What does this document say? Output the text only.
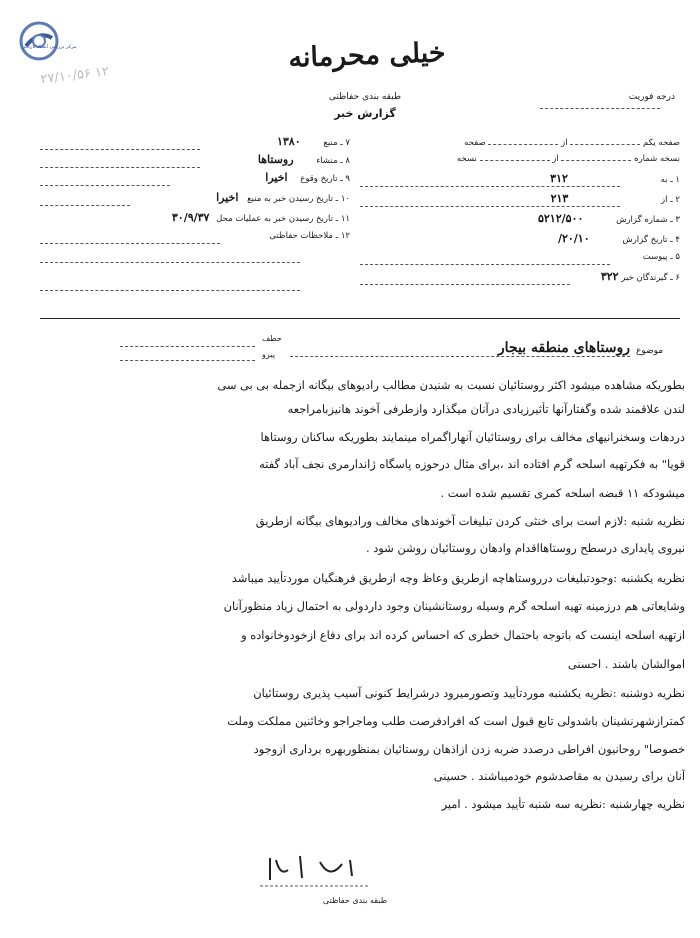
مرکز بررسی اسناد تاریخی
۲۷/۱۰/۵۶ ۱۲
خیلی محرمانه
طبقه بندی حفاظتی
گزارش خبر
درجه فوریت
صفحه یکم  از  صفحه
نسخه شماره  از  نسخه
۱ ـ به ۳۱۲
۲ ـ از ۲۱۳
۳ ـ شماره گزارش ۵۲۱۲/۵۰۰
۴ ـ تاریخ گزارش ۲۰/۱۰/
۵ ـ پیوست
۶ ـ گیرندگان خبر ۳۲۲
۷ ـ منبع ۱۳۸۰
۸ ـ منشاء روستاها
۹ ـ تاریخ وقوع اخیرا
۱۰ ـ تاریخ رسیدن خبر به منبع اخیرا
۱۱ ـ تاریخ رسیدن خبر به عملیات محل ۳۰/۹/۳۷
۱۲ ـ ملاحظات حفاظتی
موضوع
روستاهای منطقه بیجار
حطف
پیرو
بطوریکه مشاهده میشود اکثر روستائیان نسبت به شنیدن مطالب رادیوهای بیگانه ازجمله بی بی سی
لندن علاقمند شده وگفتارآنها تأثیرزیادی درآنان میگذارد وازطرفی آخوند هانیزبامراجعه
دردهات وسخنرانیهای مخالف برای روستائیان آنهاراگمراه مینمایند بطوریکه ساکنان روستاها
قویا" به فکرتهیه اسلحه گرم افتاده اند ،برای مثال درحوزه پاسگاه ژاندارمری نجف آباد گفته
میشودکه ۱۱ قبضه اسلحه کمری تقسیم شده است .
نظریه شنبه :لازم است برای خنثی کردن تبلیغات آخوندهای مخالف ورادیوهای بیگانه ازطریق
نیروی پایداری درسطح روستاهااقدام وادهان روستائیان روشن شود .
نظریه یکشنبه :وجودتبلیغات درروستاهاچه ازطریق وعاظ وچه ازطریق فرهنگیان موردتأیید میباشد
وشایعاتی هم درزمینه تهیه اسلحه گرم وسیله روستانشینان وجود داردولی به احتمال زیاد منظورآنان
ازتهیه اسلحه اینست که باتوجه باحتمال خطری که احساس کرده اند برای دفاع ازخودوخانواده و
اموالشان باشند . احسنی
نظریه دوشنبه :نظریه یکشنبه موردتأیید وتصورمیرود درشرایط کنونی آسیب پذیری روستائیان
کمترازشهرنشینان باشدولی تابع قبول است که افرادفرصت طلب وماجراجو وخائنین مملکت وملت
خصوصا" روحانیون افراطی درصدد ضربه زدن ازاذهان روستائیان بمنظوربهره برداری ازوجود
آنان برای رسیدن به مقاصدشوم خودمیباشند . حسینی
نظریه چهارشنبه :نظریه سه شنبه تأیید میشود . امیر
طبقه بندی حفاظتی
